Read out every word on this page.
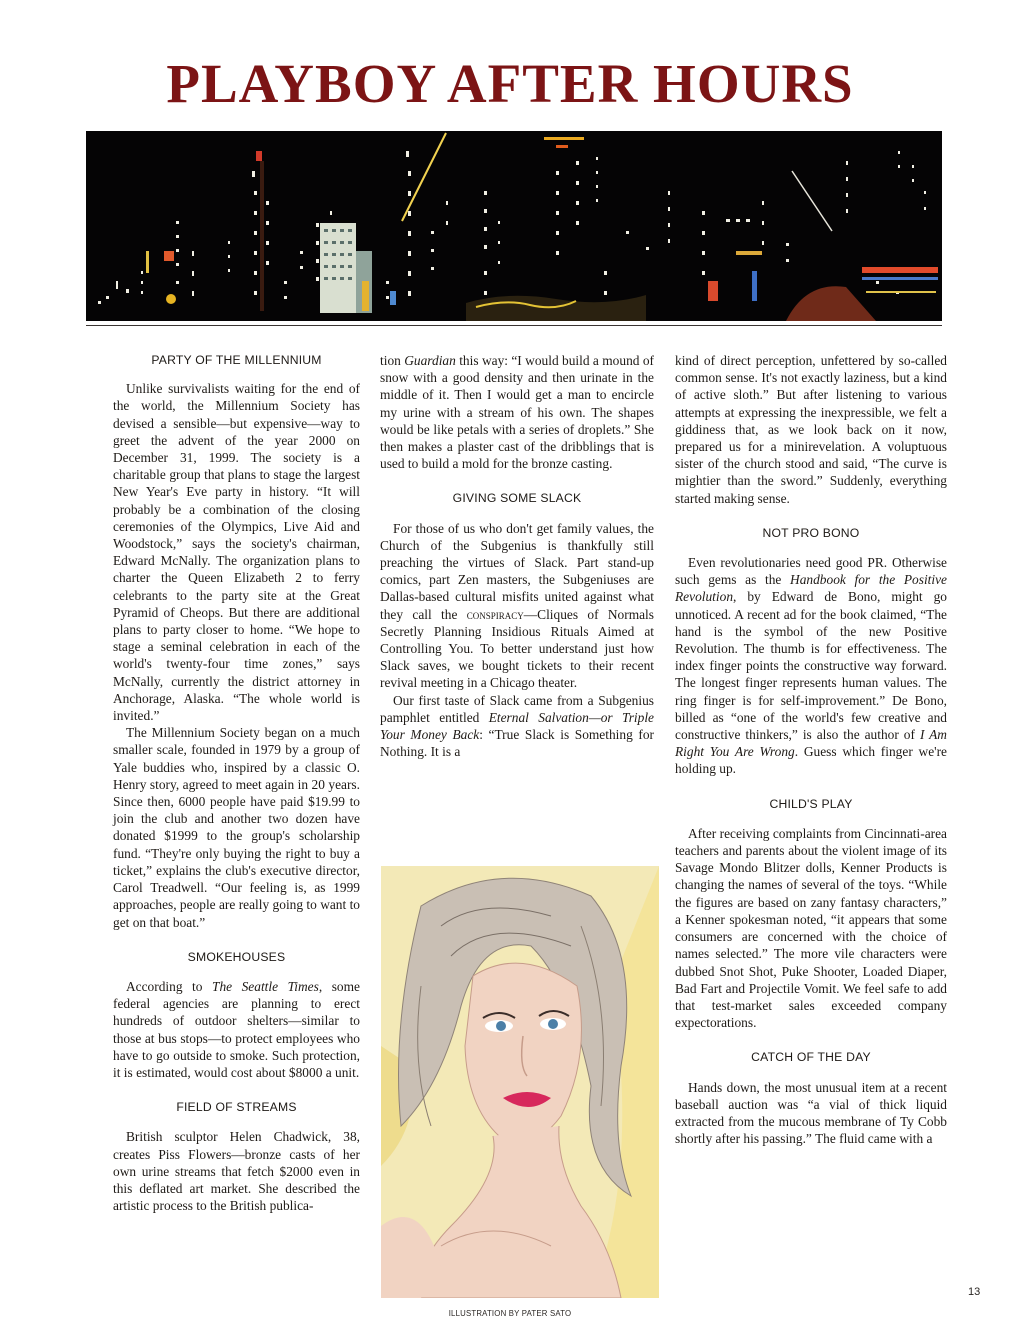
PLAYBOY AFTER HOURS
PARTY OF THE MILLENNIUM

Unlike survivalists waiting for the end of the world, the Millennium Society has devised a sensible—but expensive—way to greet the advent of the year 2000 on December 31, 1999. The society is a charitable group that plans to stage the largest New Year's Eve party in history. “It will probably be a combination of the closing ceremonies of the Olympics, Live Aid and Woodstock,” says the society's chairman, Edward McNally. The organization plans to charter the Queen Elizabeth 2 to ferry celebrants to the party site at the Great Pyramid of Cheops. But there are additional plans to party closer to home. “We hope to stage a seminal celebration in each of the world's twenty-four time zones,” says McNally, currently the district attorney in Anchorage, Alaska. “The whole world is invited.”

The Millennium Society began on a much smaller scale, founded in 1979 by a group of Yale buddies who, inspired by a classic O. Henry story, agreed to meet again in 20 years. Since then, 6000 people have paid $19.99 to join the club and another two dozen have donated $1999 to the group's scholarship fund. “They're only buying the right to buy a ticket,” explains the club's executive director, Carol Treadwell. “Our feeling is, as 1999 approaches, people are really going to want to get on that boat.”

SMOKEHOUSES

According to The Seattle Times, some federal agencies are planning to erect hundreds of outdoor shelters—similar to those at bus stops—to protect employees who have to go outside to smoke. Such protection, it is estimated, would cost about $8000 a unit.

FIELD OF STREAMS

British sculptor Helen Chadwick, 38, creates Piss Flowers—bronze casts of her own urine streams that fetch $2000 even in this deflated art market. She described the artistic process to the British publica-

tion Guardian this way: “I would build a mound of snow with a good density and then urinate in the middle of it. Then I would get a man to encircle my urine with a stream of his own. The shapes would be like petals with a series of droplets.” She then makes a plaster cast of the dribblings that is used to build a mold for the bronze casting.

GIVING SOME SLACK

For those of us who don't get family values, the Church of the Subgenius is thankfully still preaching the virtues of Slack. Part stand-up comics, part Zen masters, the Subgeniuses are Dallas-based cultural misfits united against what they call the conspiracy—Cliques of Normals Secretly Planning Insidious Rituals Aimed at Controlling You. To better understand just how Slack saves, we bought tickets to their recent revival meeting in a Chicago theater.

Our first taste of Slack came from a Subgenius pamphlet entitled Eternal Salvation—or Triple Your Money Back: “True Slack is Something for Nothing. It is a

kind of direct perception, unfettered by so-called common sense. It's not exactly laziness, but a kind of active sloth.” But after listening to various attempts at expressing the inexpressible, we felt a giddiness that, as we look back on it now, prepared us for a minirevelation. A voluptuous sister of the church stood and said, “The curve is mightier than the sword.” Suddenly, everything started making sense.

NOT PRO BONO

Even revolutionaries need good PR. Otherwise such gems as the Handbook for the Positive Revolution, by Edward de Bono, might go unnoticed. A recent ad for the book claimed, “The hand is the symbol of the new Positive Revolution. The thumb is for effectiveness. The index finger points the constructive way forward. The longest finger represents human values. The ring finger is for self-improvement.” De Bono, billed as “one of the world's few creative and constructive thinkers,” is also the author of I Am Right You Are Wrong. Guess which finger we're holding up.

CHILD'S PLAY

After receiving complaints from Cincinnati-area teachers and parents about the violent image of its Savage Mondo Blitzer dolls, Kenner Products is changing the names of several of the toys. “While the figures are based on zany fantasy characters,” a Kenner spokesman noted, “it appears that some consumers are concerned with the choice of names selected.” The more vile characters were dubbed Snot Shot, Puke Shooter, Loaded Diaper, Bad Fart and Projectile Vomit. We feel safe to add that test-market sales exceeded company expectorations.

CATCH OF THE DAY

Hands down, the most unusual item at a recent baseball auction was “a vial of thick liquid extracted from the mucous membrane of Ty Cobb shortly after his passing.” The fluid came with a

13
ILLUSTRATION BY PATER SATO
